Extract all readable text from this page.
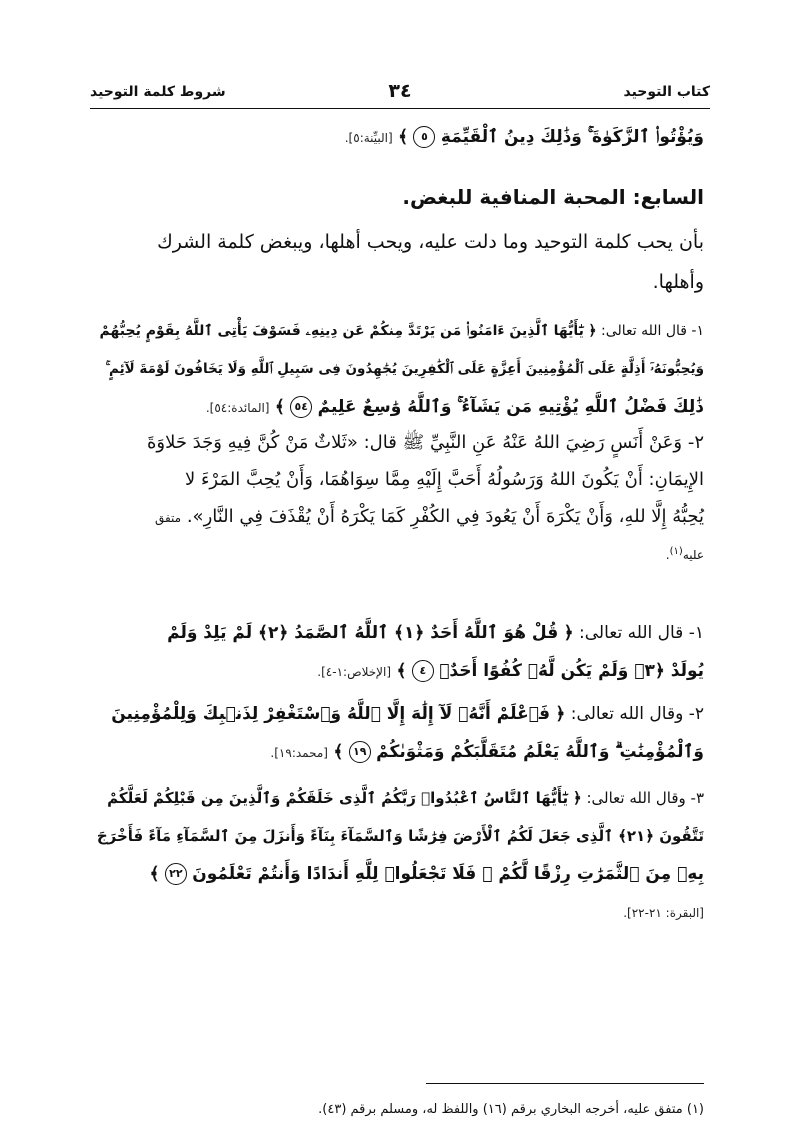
كتاب التوحيد
٣٤
شروط كلمة التوحيد
وَيُؤْتُوا۟ ٱلزَّكَوٰةَ ۚ وَذَٰلِكَ دِينُ ٱلْقَيِّمَةِ ٥ ﴾ [البيِّنة:٥].
السابع: المحبة المنافية للبغض.
بأن يحب كلمة التوحيد وما دلت عليه، ويحب أهلها، ويبغض كلمة الشرك
وأهلها.
١- قال الله تعالى: ﴿ يَٰٓأَيُّهَا ٱلَّذِينَ ءَامَنُوا۟ مَن يَرْتَدَّ مِنكُمْ عَن دِينِهِۦ فَسَوْفَ يَأْتِى ٱللَّهُ بِقَوْمٍ يُحِبُّهُمْ
وَيُحِبُّونَهُۥٓ أَذِلَّةٍ عَلَى ٱلْمُؤْمِنِينَ أَعِزَّةٍ عَلَى ٱلْكَٰفِرِينَ يُجَٰهِدُونَ فِى سَبِيلِ ٱللَّهِ وَلَا يَخَافُونَ لَوْمَةَ لَآئِمٍ ۚ
ذَٰلِكَ فَضْلُ ٱللَّهِ يُؤْتِيهِ مَن يَشَآءُ ۚ وَٱللَّهُ وَٰسِعٌ عَلِيمٌ ٥٤ ﴾ [المائدة:٥٤].
٢- وَعَنْ أَنَسٍ رَضِيَ اللهُ عَنْهُ عَنِ النَّبِيِّ ﷺ قال: «ثَلاثٌ مَنْ كُنَّ فِيهِ وَجَدَ حَلاوَةَ
الإِيمَانِ: أَنْ يَكُونَ اللهُ وَرَسُولُهُ أَحَبَّ إِلَيْهِ مِمَّا سِوَاهُمَا، وَأَنْ يُحِبَّ المَرْءَ لا
يُحِبُّهُ إِلَّا للهِ، وَأَنْ يَكْرَهَ أَنْ يَعُودَ فِي الكُفْرِ كَمَا يَكْرَهُ أَنْ يُقْذَفَ فِي النَّارِ». متفق
عليه$^{(١)}$.
١- قال الله تعالى: ﴿ قُلْ هُوَ ٱللَّهُ أَحَدٌ ﴿١﴾ ٱللَّهُ ٱلصَّمَدُ ﴿٢﴾ لَمْ يَلِدْ وَلَمْ
يُولَدْ ﴿٣﴾ وَلَمْ يَكُن لَّهُۥ كُفُوًا أَحَدٌۢ ٤ ﴾ [الإخلاص:١-٤].
٢- وقال الله تعالى: ﴿ فَٱعْلَمْ أَنَّهُۥ لَآ إِلَٰهَ إِلَّا ٱللَّهُ وَٱسْتَغْفِرْ لِذَنۢبِكَ وَلِلْمُؤْمِنِينَ
وَٱلْمُؤْمِنَٰتِ ۗ وَٱللَّهُ يَعْلَمُ مُتَقَلَّبَكُمْ وَمَثْوَىٰكُمْ ١٩ ﴾ [محمد:١٩].
٣- وقال الله تعالى: ﴿ يَٰٓأَيُّهَا ٱلنَّاسُ ٱعْبُدُوا۟ رَبَّكُمُ ٱلَّذِى خَلَقَكُمْ وَٱلَّذِينَ مِن قَبْلِكُمْ لَعَلَّكُمْ
تَتَّقُونَ ﴿٢١﴾ ٱلَّذِى جَعَلَ لَكُمُ ٱلْأَرْضَ فِرَٰشًا وَٱلسَّمَآءَ بِنَآءً وَأَنزَلَ مِنَ ٱلسَّمَآءِ مَآءً فَأَخْرَجَ
بِهِۦ مِنَ ٱلثَّمَرَٰتِ رِزْقًا لَّكُمْ ۖ فَلَا تَجْعَلُوا۟ لِلَّهِ أَندَادًا وَأَنتُمْ تَعْلَمُونَ ٢٢ ﴾
[البقرة: ٢١-٢٢].
(١) متفق عليه، أخرجه البخاري برقم (١٦) واللفظ له، ومسلم برقم (٤٣).
